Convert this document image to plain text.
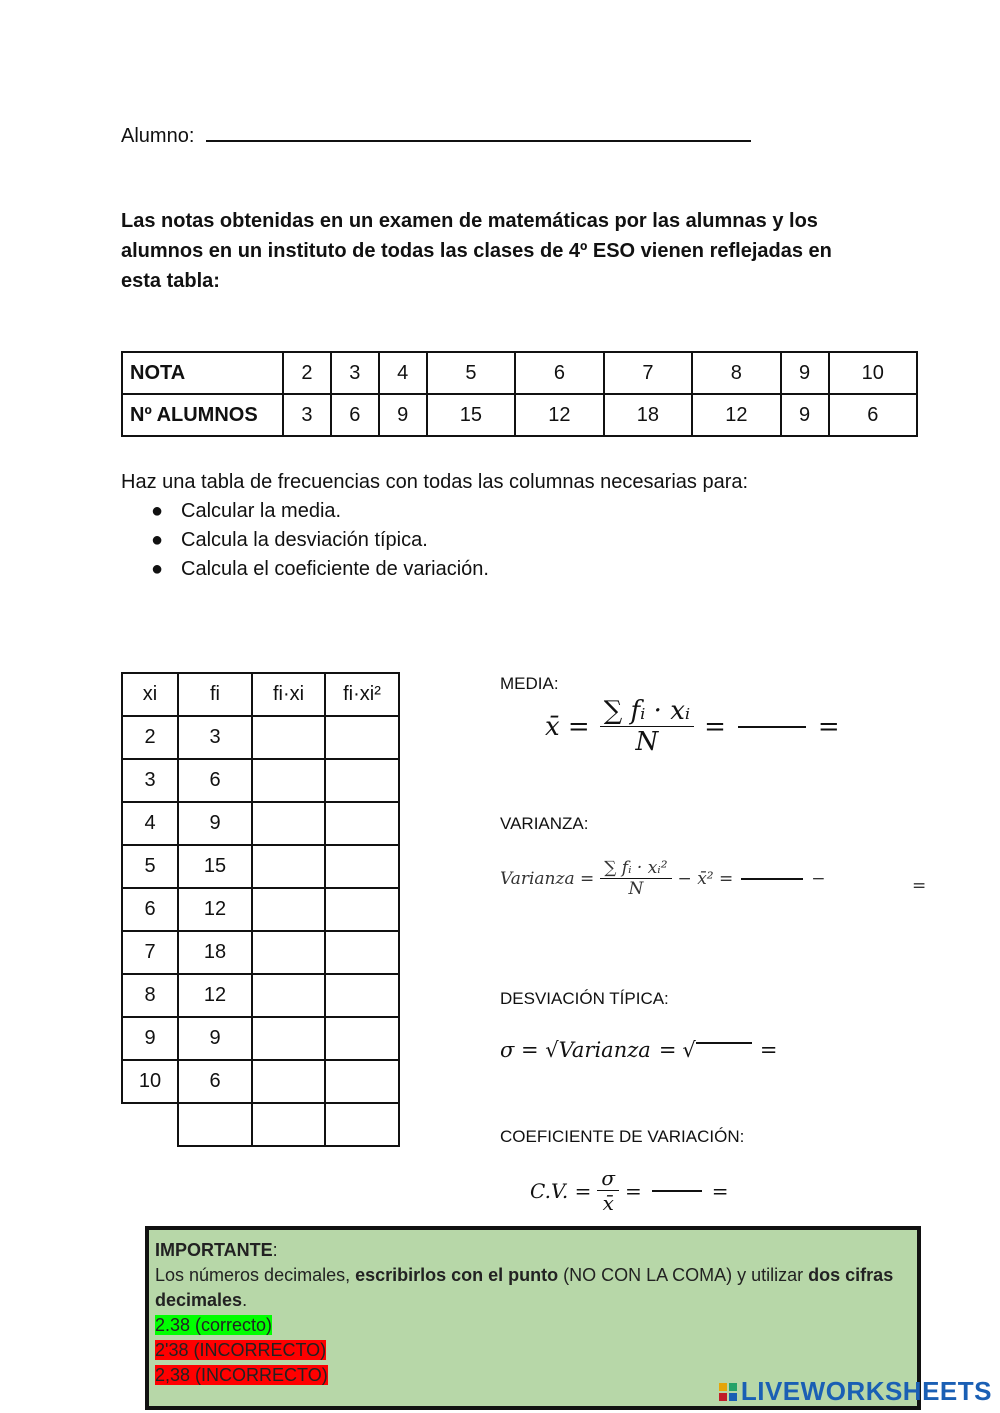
Alumno:
Las notas obtenidas en un examen de matemáticas por las alumnas y los alumnos en un instituto de todas las clases de 4º ESO vienen reflejadas en esta tabla:
NOTA	2	3	4	5	6	7	8	9	10
Nº ALUMNOS	3	6	9	15	12	18	12	9	6
Haz una tabla de frecuencias con todas las columnas necesarias para:
● Calcular la media.
● Calcula la desviación típica.
● Calcula el coeficiente de variación.
xi	fi	fi·xi	fi·xi²
2	3		
3	6		
4	9		
5	15		
6	12		
7	18		
8	12		
9	9		
10	6		

MEDIA:
x̄ = $\frac{\text{∑ fᵢ · xᵢ}}{N}$ =	=
VARIANZA:
Varianza = $\frac{\text{∑ fᵢ · xᵢ²}}{N}$ − x̄² =	−	=
DESVIACIÓN TÍPICA:
σ = √Varianza = √	=
COEFICIENTE DE VARIACIÓN:
C.V. = $\frac{\sigma}{x̄}$ =	=
IMPORTANTE:
Los números decimales, escribirlos con el punto (NO CON LA COMA) y utilizar dos cifras decimales.
2.38 (correcto)
2'38 (INCORRECTO)
2,38 (INCORRECTO)
LIVEWORKSHEETS
